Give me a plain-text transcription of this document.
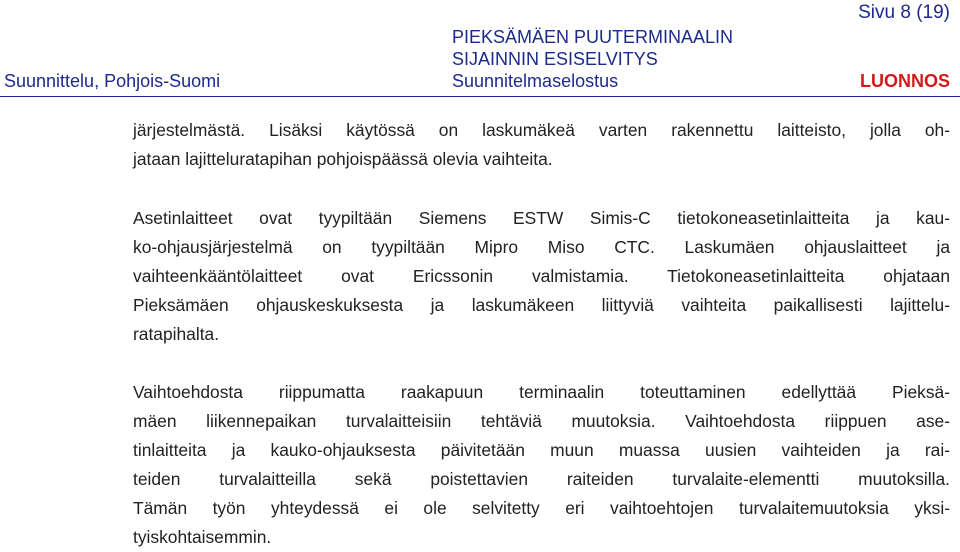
Sivu 8 (19)
Suunnittelu, Pohjois-Suomi
PIEKSÄMÄEN PUUTERMINAALIN
SIJAINNIN ESISELVITYS
Suunnitelmaselostus	LUONNOS
järjestelmästä. Lisäksi käytössä on laskumäkeä varten rakennettu laitteisto, jolla oh-
jataan lajitteluratapihan pohjoispäässä olevia vaihteita.
Asetinlaitteet ovat tyypiltään Siemens ESTW Simis-C tietokoneasetinlaitteita ja kau-
ko-ohjausjärjestelmä on tyypiltään Mipro Miso CTC. Laskumäen ohjauslaitteet ja
vaihteenkääntölaitteet ovat Ericssonin valmistamia. Tietokoneasetinlaitteita ohjataan
Pieksämäen ohjauskeskuksesta ja laskumäkeen liittyviä vaihteita paikallisesti lajittelu-
ratapihalta.
Vaihtoehdosta riippumatta raakapuun terminaalin toteuttaminen edellyttää Pieksä-
mäen liikennepaikan turvalaitteisiin tehtäviä muutoksia. Vaihtoehdosta riippuen ase-
tinlaitteita ja kauko-ohjauksesta päivitetään muun muassa uusien vaihteiden ja rai-
teiden turvalaitteilla sekä poistettavien raiteiden turvalaite-elementti muutoksilla.
Tämän työn yhteydessä ei ole selvitetty eri vaihtoehtojen turvalaitemuutoksia yksi-
tyiskohtaisemmin.
